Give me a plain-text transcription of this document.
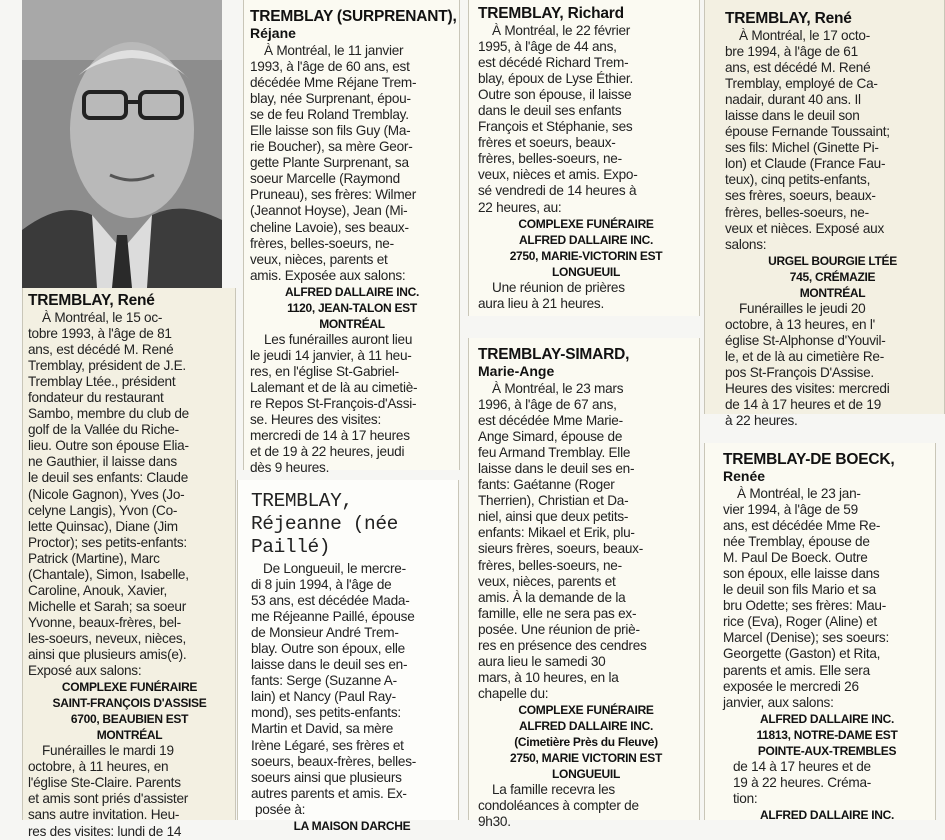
TREMBLAY, René
À Montréal, le 15 oc-
tobre 1993, à l'âge de 81
ans, est décédé M. René
Tremblay, président de J.E.
Tremblay Ltée., président
fondateur du restaurant
Sambo, membre du club de
golf de la Vallée du Riche-
lieu. Outre son épouse Elia-
ne Gauthier, il laisse dans
le deuil ses enfants: Claude
(Nicole Gagnon), Yves (Jo-
celyne Langis), Yvon (Co-
lette Quinsac), Diane (Jim
Proctor); ses petits-enfants:
Patrick (Martine), Marc
(Chantale), Simon, Isabelle,
Caroline, Anouk, Xavier,
Michelle et Sarah; sa soeur
Yvonne, beaux-frères, bel-
les-soeurs, neveux, nièces,
ainsi que plusieurs amis(e).
Exposé aux salons:
COMPLEXE FUNÉRAIRE
SAINT-FRANÇOIS D'ASSISE
6700, BEAUBIEN EST
MONTRÉAL
Funérailles le mardi 19
octobre, à 11 heures, en
l'église Ste-Claire. Parents
et amis sont priés d'assister
sans autre invitation. Heu-
res des visites: lundi de 14
TREMBLAY (SURPRENANT),
Réjane
À Montréal, le 11 janvier
1993, à l'âge de 60 ans, est
décédée Mme Réjane Trem-
blay, née Surprenant, épou-
se de feu Roland Tremblay.
Elle laisse son fils Guy (Ma-
rie Boucher), sa mère Geor-
gette Plante Surprenant, sa
soeur Marcelle (Raymond
Pruneau), ses frères: Wilmer
(Jeannot Hoyse), Jean (Mi-
cheline Lavoie), ses beaux-
frères, belles-soeurs, ne-
veux, nièces, parents et
amis. Exposée aux salons:
ALFRED DALLAIRE INC.
1120, JEAN-TALON EST
MONTRÉAL
Les funérailles auront lieu
le jeudi 14 janvier, à 11 heu-
res, en l'église St-Gabriel-
Lalemant et de là au cimetiè-
re Repos St-François-d'Assi-
se. Heures des visites:
mercredi de 14 à 17 heures
et de 19 à 22 heures, jeudi
dès 9 heures.
TREMBLAY,
Réjeanne (née
Paillé)
De Longueuil, le mercre-
di 8 juin 1994, à l'âge de
53 ans, est décédée Mada-
me Réjeanne Paillé, épouse
de Monsieur André Trem-
blay. Outre son époux, elle
laisse dans le deuil ses en-
fants: Serge (Suzanne A-
lain) et Nancy (Paul Ray-
mond), ses petits-enfants:
Martin et David, sa mère
Irène Légaré, ses frères et
soeurs, beaux-frères, belles-
soeurs ainsi que plusieurs
autres parents et amis. Ex-
posée à:
LA MAISON DARCHE
TREMBLAY, Richard
À Montréal, le 22 février
1995, à l'âge de 44 ans,
est décédé Richard Trem-
blay, époux de Lyse Éthier.
Outre son épouse, il laisse
dans le deuil ses enfants
François et Stéphanie, ses
frères et soeurs, beaux-
frères, belles-soeurs, ne-
veux, nièces et amis. Expo-
sé vendredi de 14 heures à
22 heures, au:
COMPLEXE FUNÉRAIRE
ALFRED DALLAIRE INC.
2750, MARIE-VICTORIN EST
LONGUEUIL
Une réunion de prières
aura lieu à 21 heures.
TREMBLAY-SIMARD,
Marie-Ange
À Montréal, le 23 mars
1996, à l'âge de 67 ans,
est décédée Mme Marie-
Ange Simard, épouse de
feu Armand Tremblay. Elle
laisse dans le deuil ses en-
fants: Gaétanne (Roger
Therrien), Christian et Da-
niel, ainsi que deux petits-
enfants: Mikael et Erik, plu-
sieurs frères, soeurs, beaux-
frères, belles-soeurs, ne-
veux, nièces, parents et
amis. À la demande de la
famille, elle ne sera pas ex-
posée. Une réunion de priè-
res en présence des cendres
aura lieu le samedi 30
mars, à 10 heures, en la
chapelle du:
COMPLEXE FUNÉRAIRE
ALFRED DALLAIRE INC.
(Cimetière Près du Fleuve)
2750, MARIE VICTORIN EST
LONGUEUIL
La famille recevra les
condoléances à compter de
9h30.
TREMBLAY, René
À Montréal, le 17 octo-
bre 1994, à l'âge de 61
ans, est décédé M. René
Tremblay, employé de Ca-
nadair, durant 40 ans. Il
laisse dans le deuil son
épouse Fernande Toussaint;
ses fils: Michel (Ginette Pi-
lon) et Claude (France Fau-
teux), cinq petits-enfants,
ses frères, soeurs, beaux-
frères, belles-soeurs, ne-
veux et nièces. Exposé aux
salons:
URGEL BOURGIE LTÉE
745, CRÉMAZIE
MONTRÉAL
Funérailles le jeudi 20
octobre, à 13 heures, en l'
église St-Alphonse d'Youvil-
le, et de là au cimetière Re-
pos St-François D'Assise.
Heures des visites: mercredi
de 14 à 17 heures et de 19
à 22 heures.
TREMBLAY-DE BOECK,
Renée
À Montréal, le 23 jan-
vier 1994, à l'âge de 59
ans, est décédée Mme Re-
née Tremblay, épouse de
M. Paul De Boeck. Outre
son époux, elle laisse dans
le deuil son fils Mario et sa
bru Odette; ses frères: Mau-
rice (Eva), Roger (Aline) et
Marcel (Denise); ses soeurs:
Georgette (Gaston) et Rita,
parents et amis. Elle sera
exposée le mercredi 26
janvier, aux salons:
ALFRED DALLAIRE INC.
11813, NOTRE-DAME EST
POINTE-AUX-TREMBLES
de 14 à 17 heures et de
19 à 22 heures. Créma-
tion:
ALFRED DALLAIRE INC.
